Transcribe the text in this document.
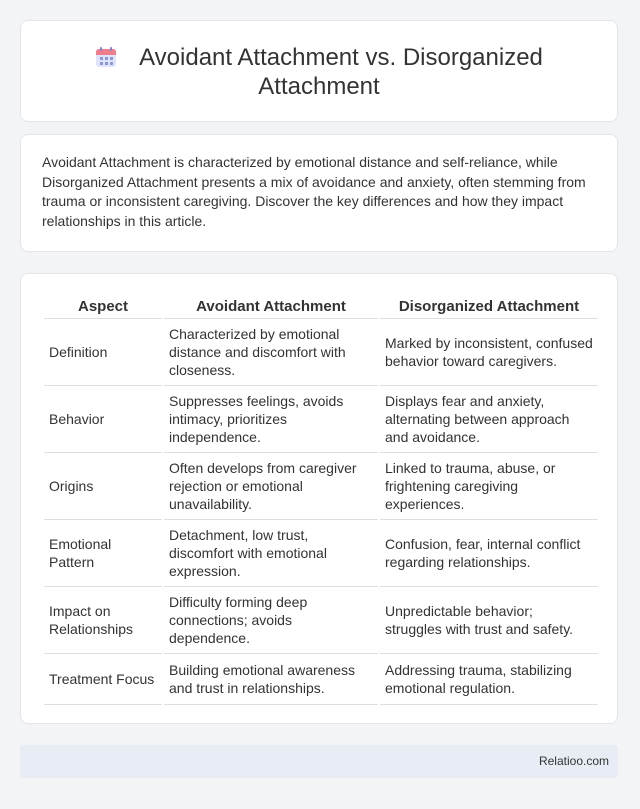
Avoidant Attachment vs. Disorganized
Attachment
Avoidant Attachment is characterized by emotional distance and self-reliance, while Disorganized Attachment presents a mix of avoidance and anxiety, often stemming from trauma or inconsistent caregiving. Discover the key differences and how they impact relationships in this article.
Aspect	Avoidant Attachment	Disorganized Attachment
Definition	Characterized by emotional distance and discomfort with closeness.	Marked by inconsistent, confused behavior toward caregivers.
Behavior	Suppresses feelings, avoids intimacy, prioritizes independence.	Displays fear and anxiety, alternating between approach and avoidance.
Origins	Often develops from caregiver rejection or emotional unavailability.	Linked to trauma, abuse, or frightening caregiving experiences.
Emotional Pattern	Detachment, low trust, discomfort with emotional expression.	Confusion, fear, internal conflict regarding relationships.
Impact on Relationships	Difficulty forming deep connections; avoids dependence.	Unpredictable behavior; struggles with trust and safety.
Treatment Focus	Building emotional awareness and trust in relationships.	Addressing trauma, stabilizing emotional regulation.
Relatioo.com
